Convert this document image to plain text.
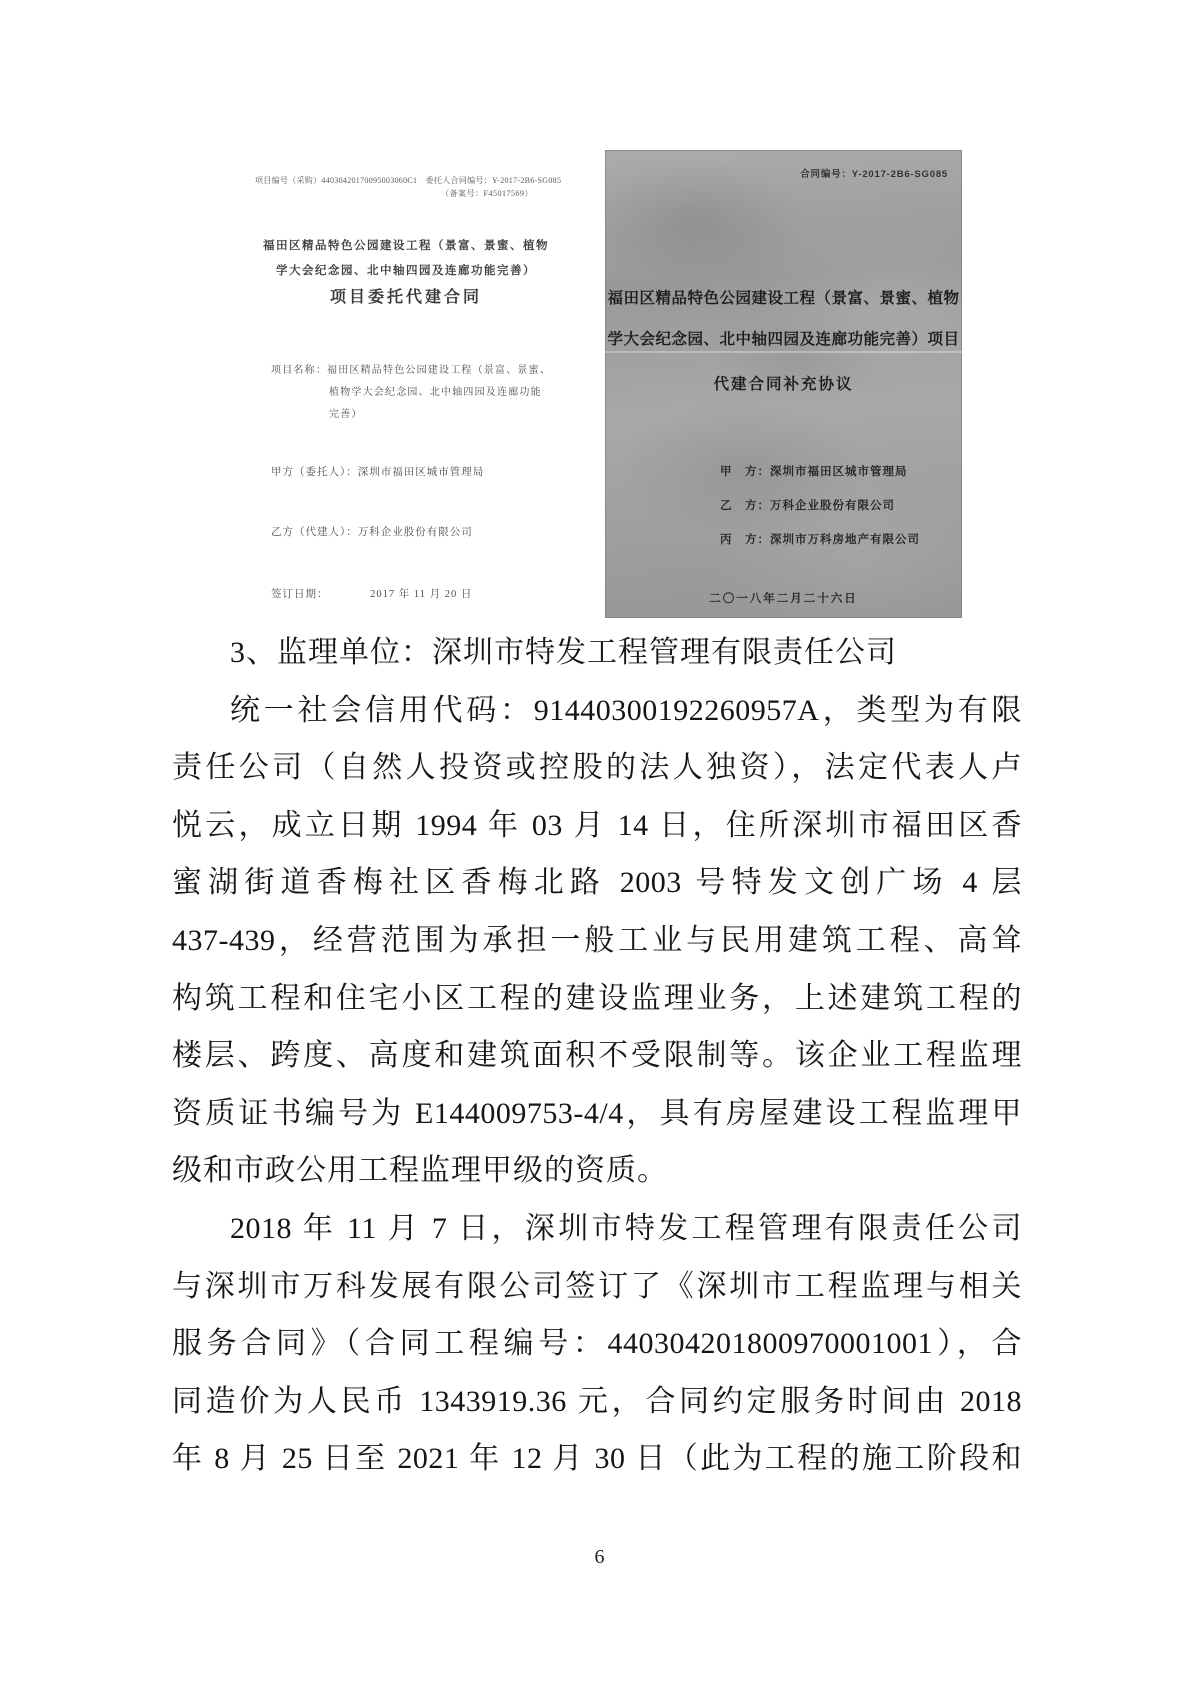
项目编号（采购）44030420170095003060C1　委托人合同编号：Y-2017-2B6-SG085
（备案号：F45017569）
福田区精品特色公园建设工程（景富、景蜜、植物
学大会纪念园、北中轴四园及连廊功能完善）
项目委托代建合同
项目名称：福田区精品特色公园建设工程（景富、景蜜、
植物学大会纪念园、北中轴四园及连廊功能
完善）
甲方（委托人）：深圳市福田区城市管理局
乙方（代建人）：万科企业股份有限公司
签订日期：	2017 年 11 月 20 日
合同编号：Y-2017-2B6-SG085
福田区精品特色公园建设工程（景富、景蜜、植物
学大会纪念园、北中轴四园及连廊功能完善）项目
代建合同补充协议
甲　方：深圳市福田区城市管理局
乙　方：万科企业股份有限公司
丙　方：深圳市万科房地产有限公司
二〇一八年二月二十六日
3、监理单位：深圳市特发工程管理有限责任公司
统一社会信用代码：91440300192260957A，类型为有限
责任公司（自然人投资或控股的法人独资），法定代表人卢
悦云，成立日期 1994 年 03 月 14 日，住所深圳市福田区香
蜜湖街道香梅社区香梅北路 2003 号特发文创广场 4 层
437-439，经营范围为承担一般工业与民用建筑工程、高耸
构筑工程和住宅小区工程的建设监理业务，上述建筑工程的
楼层、跨度、高度和建筑面积不受限制等。该企业工程监理
资质证书编号为 E144009753-4/4，具有房屋建设工程监理甲
级和市政公用工程监理甲级的资质。
2018 年 11 月 7 日，深圳市特发工程管理有限责任公司
与深圳市万科发展有限公司签订了《深圳市工程监理与相关
服务合同》（合同工程编号：440304201800970001001），合
同造价为人民币 1343919.36 元，合同约定服务时间由 2018
年 8 月 25 日至 2021 年 12 月 30 日（此为工程的施工阶段和
6
